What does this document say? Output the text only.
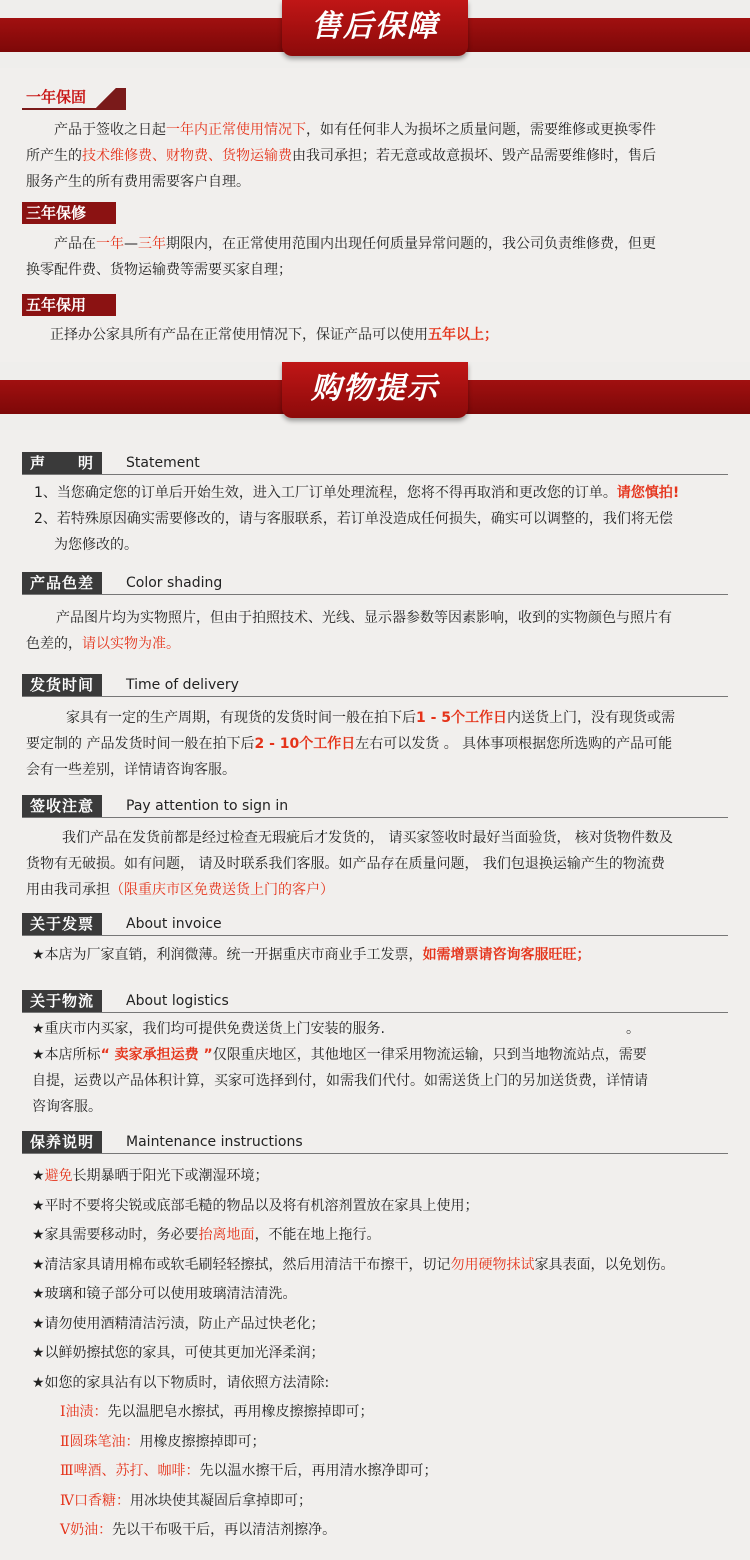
售后保障
一年保固

产品于签收之日起一年内正常使用情况下，如有任何非人为损坏之质量问题，需要维修或更换零件

所产生的技术维修费、财物费、货物运输费由我司承担；若无意或故意损坏、毁产品需要维修时，售后

服务产生的所有费用需要客户自理。

三年保修

产品在一年—三年期限内，在正常使用范围内出现任何质量异常问题的，我公司负责维修费，但更

换零配件费、货物运输费等需要买家自理；

五年保用

正择办公家具所有产品在正常使用情况下，保证产品可以使用五年以上；

购物提示
声　　明	Statement

1、当您确定您的订单后开始生效，进入工厂订单处理流程，您将不得再取消和更改您的订单。请您慎拍!

2、若特殊原因确实需要修改的，请与客服联系，若订单没造成任何损失，确实可以调整的，我们将无偿

为您修改的。

产品色差	Color shading

产品图片均为实物照片，但由于拍照技术、光线、显示器参数等因素影响，收到的实物颜色与照片有

色差的，请以实物为准。

发货时间	Time of delivery

家具有一定的生产周期，有现货的发货时间一般在拍下后1 - 5个工作日内送货上门，没有现货或需

要定制的 产品发货时间一般在拍下后2 - 10个工作日左右可以发货 。 具体事项根据您所选购的产品可能

会有一些差别，详情请咨询客服。

签收注意	Pay attention to sign in

我们产品在发货前都是经过检查无瑕疵后才发货的， 请买家签收时最好当面验货， 核对货物件数及

货物有无破损。如有问题， 请及时联系我们客服。如产品存在质量问题， 我们包退换运输产生的物流费

用由我司承担（限重庆市区免费送货上门的客户）

关于发票	About invoice

★本店为厂家直销，利润微薄。统一开据重庆市商业手工发票，如需增票请咨询客服旺旺；

关于物流	About logistics

★重庆市内买家，我们均可提供免费送货上门安装的服务.	。

★本店所标“ 卖家承担运费 ”仅限重庆地区，其他地区一律采用物流运输，只到当地物流站点，需要

自提，运费以产品体积计算，买家可选择到付，如需我们代付。如需送货上门的另加送货费，详情请

咨询客服。

保养说明	Maintenance instructions

★避免长期暴晒于阳光下或潮湿环境；

★平时不要将尖锐或底部毛糙的物品以及将有机溶剂置放在家具上使用；

★家具需要移动时，务必要抬离地面，不能在地上拖行。

★清洁家具请用棉布或软毛刷轻轻擦拭，然后用清洁干布擦干，切记勿用硬物抹试家具表面，以免划伤。

★玻璃和镜子部分可以使用玻璃清洁清洗。

★请勿使用酒精清洁污渍，防止产品过快老化；

★以鲜奶擦拭您的家具，可使其更加光泽柔润；

★如您的家具沾有以下物质时，请依照方法清除:

Ⅰ油渍：先以温肥皂水擦拭，再用橡皮擦擦掉即可；

Ⅱ圆珠笔油：用橡皮擦擦掉即可；

Ⅲ啤酒、苏打、咖啡：先以温水擦干后，再用清水擦净即可；

Ⅳ口香糖：用冰块使其凝固后拿掉即可；

Ⅴ奶油：先以干布吸干后，再以清洁剂擦净。
